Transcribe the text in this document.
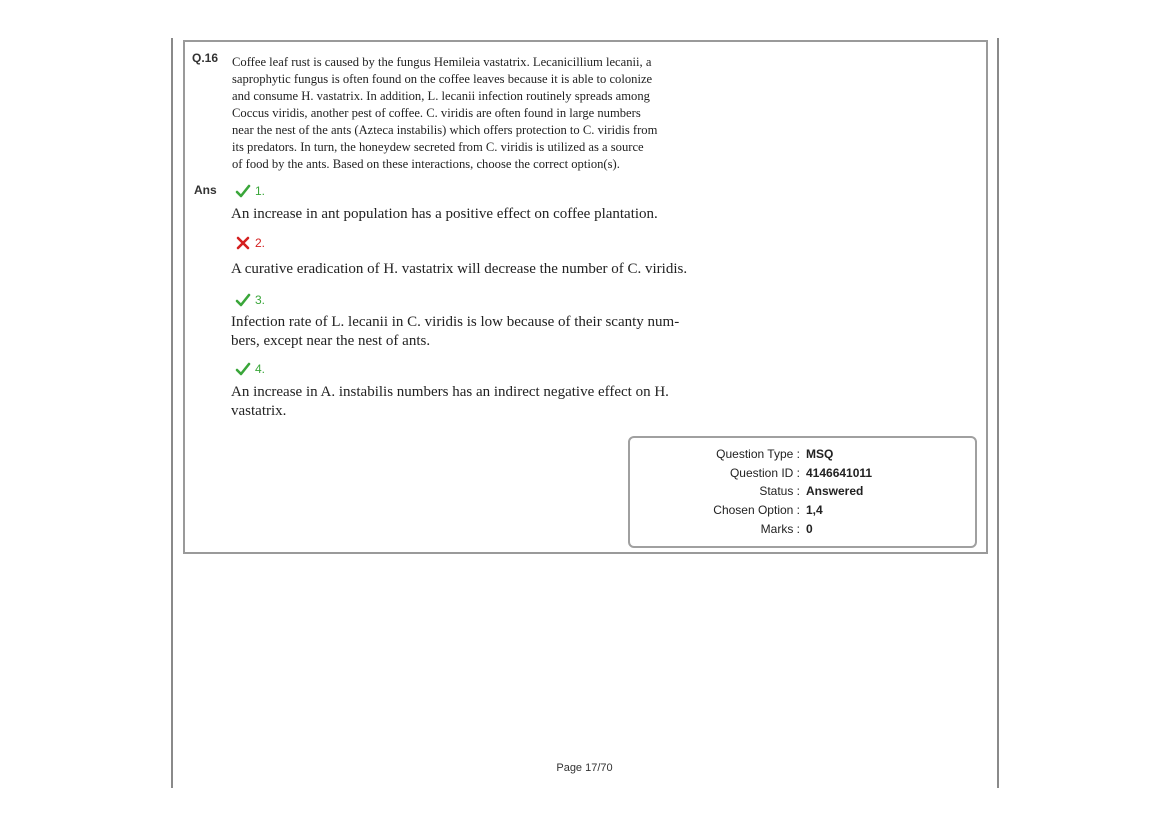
Q.16 Coffee leaf rust is caused by the fungus Hemileia vastatrix. Lecanicillium lecanii, a

saprophytic fungus is often found on the coffee leaves because it is able to colonize

and consume H. vastatrix. In addition, L. lecanii infection routinely spreads among

Coccus viridis, another pest of coffee. C. viridis are often found in large numbers

near the nest of the ants (Azteca instabilis) which offers protection to C. viridis from

its predators. In turn, the honeydew secreted from C. viridis is utilized as a source

of food by the ants. Based on these interactions, choose the correct option(s).

Ans	1.

An increase in ant population has a positive effect on coffee plantation.

2.

A curative eradication of H. vastatrix will decrease the number of C. viridis.

3.

Infection rate of L. lecanii in C. viridis is low because of their scanty num-

bers, except near the nest of ants.

4.

An increase in A. instabilis numbers has an indirect negative effect on H.

vastatrix.

Question Type : MSQ
Question ID : 4146641011
Status : Answered
Chosen Option : 1,4
Marks : 0
Page 17/70
